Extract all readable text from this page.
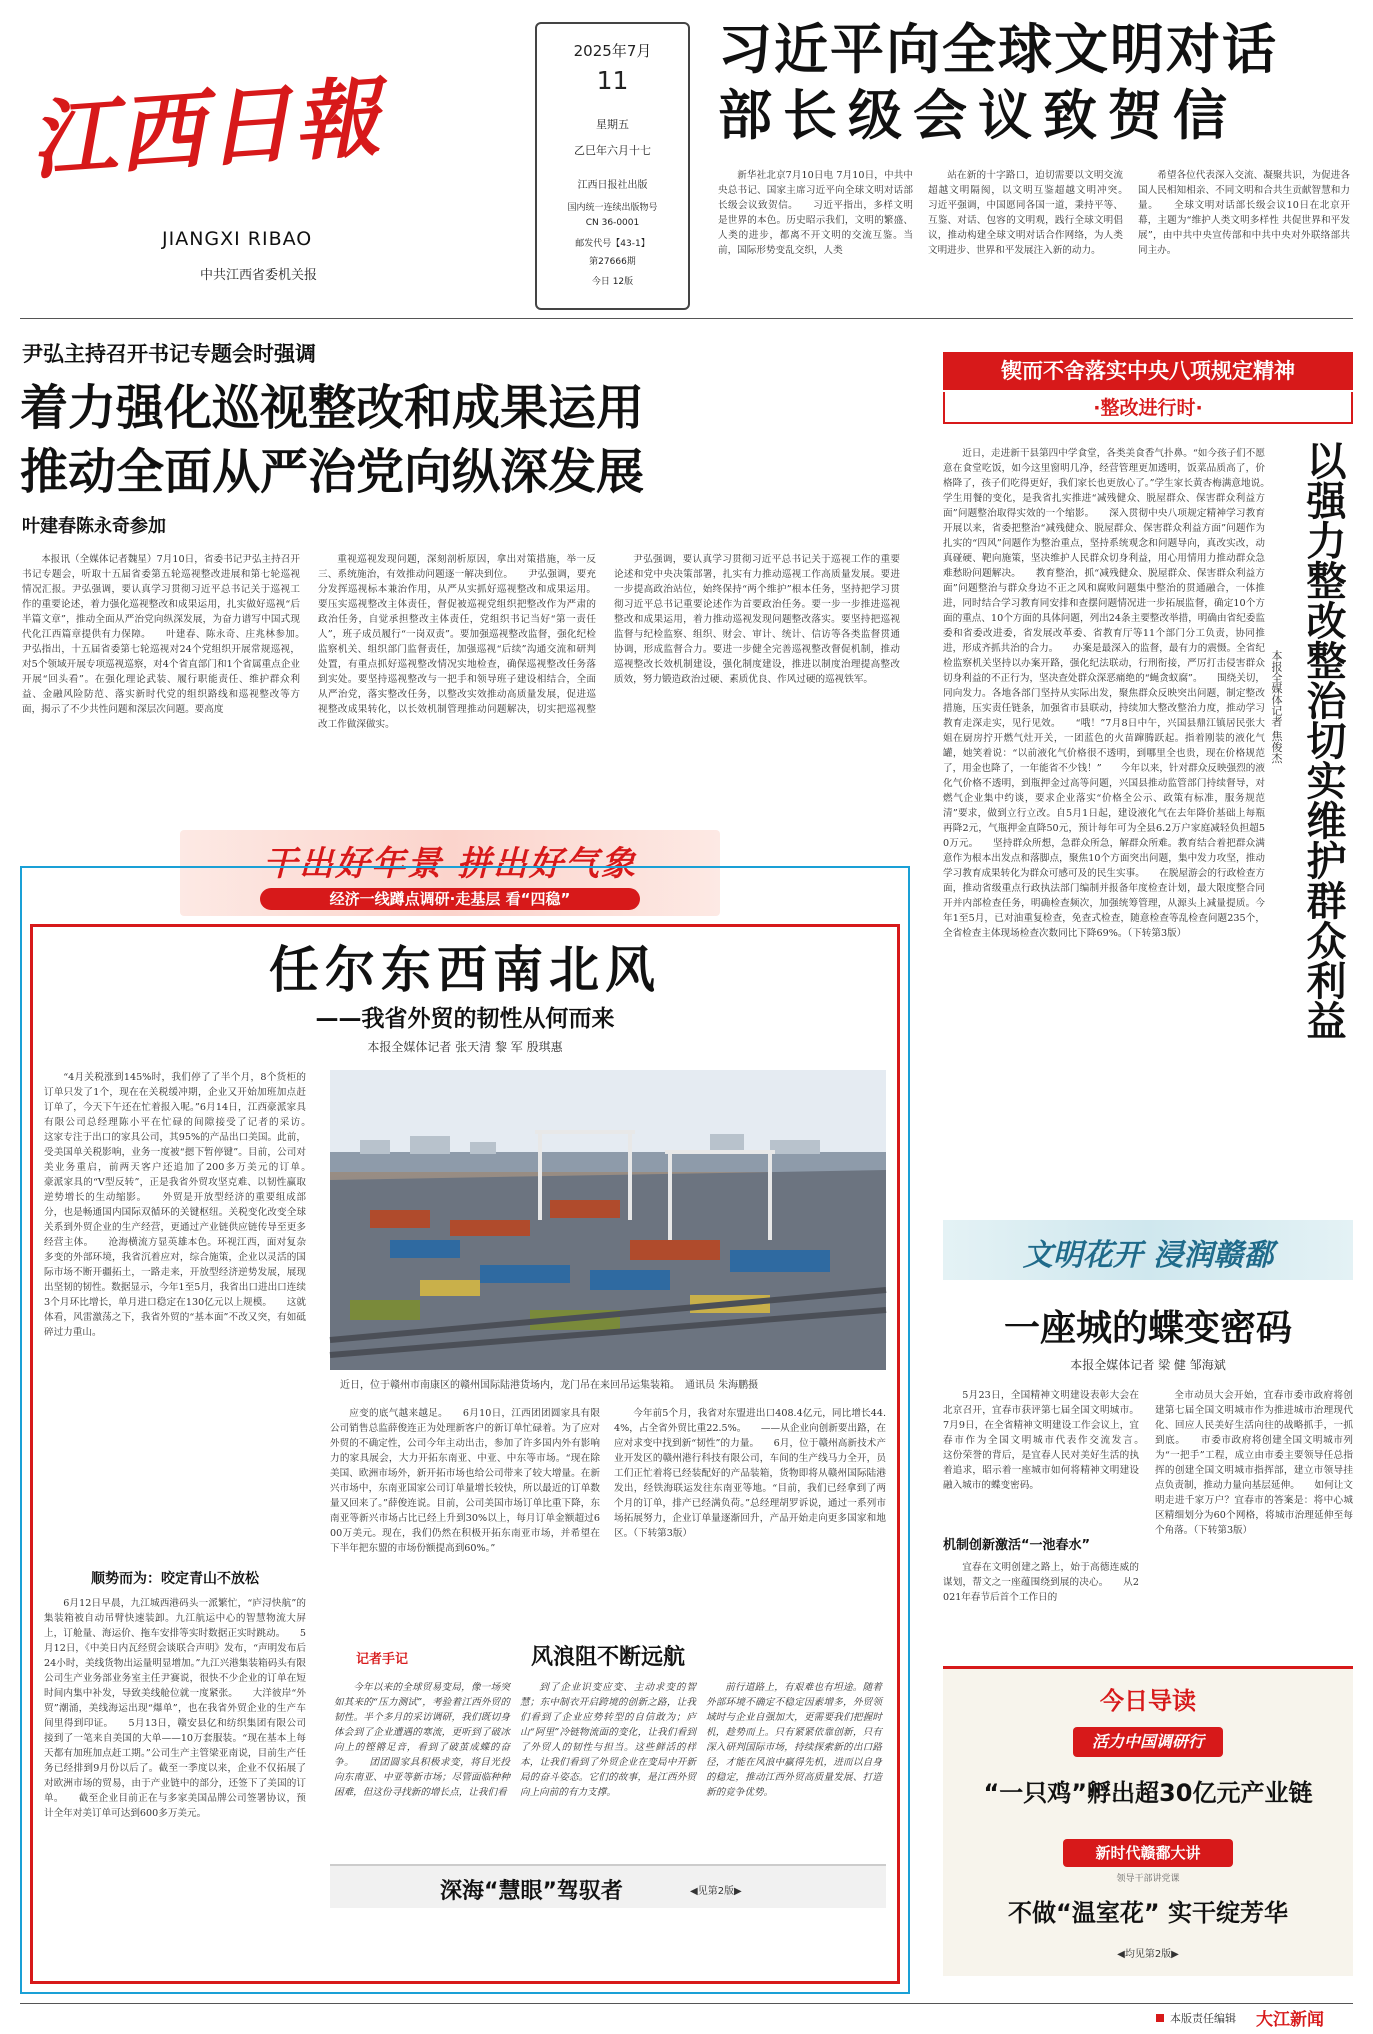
江西日報
JIANGXI RIBAO
中共江西省委机关报
2025年7月
11
星期五
乙巳年六月十七
江西日报社出版
国内统一连续出版物号
CN 36-0001
邮发代号【43-1】
第27666期
今日 12版
习近平向全球文明对话
部长级会议致贺信
新华社北京7月10日电 7月10日，中共中央总书记、国家主席习近平向全球文明对话部长级会议致贺信。　　习近平指出，多样文明是世界的本色。历史昭示我们，文明的繁盛、人类的进步，都离不开文明的交流互鉴。当前，国际形势变乱交织，人类
站在新的十字路口，迫切需要以文明交流超越文明隔阂，以文明互鉴超越文明冲突。　　习近平强调，中国愿同各国一道，秉持平等、互鉴、对话、包容的文明观，践行全球文明倡议，推动构建全球文明对话合作网络，为人类文明进步、世界和平发展注入新的动力。
希望各位代表深入交流、凝聚共识，为促进各国人民相知相亲、不同文明和合共生贡献智慧和力量。　　全球文明对话部长级会议10日在北京开幕，主题为“维护人类文明多样性 共促世界和平发展”，由中共中央宣传部和中共中央对外联络部共同主办。
尹弘主持召开书记专题会时强调
着力强化巡视整改和成果运用
推动全面从严治党向纵深发展
叶建春陈永奇参加
本报讯（全媒体记者魏星）7月10日，省委书记尹弘主持召开书记专题会，听取十五届省委第五轮巡视整改进展和第七轮巡视情况汇报。尹弘强调，要认真学习贯彻习近平总书记关于巡视工作的重要论述，着力强化巡视整改和成果运用，扎实做好巡视“后半篇文章”，推动全面从严治党向纵深发展，为奋力谱写中国式现代化江西篇章提供有力保障。　　叶建春、陈永奇、庄兆林参加。　　尹弘指出，十五届省委第七轮巡视对24个党组织开展常规巡视，对5个领域开展专项巡视巡察，对4个省直部门和1个省属重点企业开展“回头看”。在强化理论武装、履行职能责任、维护群众利益、金融风险防范、落实新时代党的组织路线和巡视整改等方面，揭示了不少共性问题和深层次问题。要高度
重视巡视发现问题，深刻剖析原因，拿出对策措施，举一反三、系统施治，有效推动问题逐一解决到位。　　尹弘强调，要充分发挥巡视标本兼治作用，从严从实抓好巡视整改和成果运用。要压实巡视整改主体责任，督促被巡视党组织把整改作为严肃的政治任务，自觉承担整改主体责任，党组织书记当好“第一责任人”，班子成员履行“一岗双责”。要加强巡视整改监督，强化纪检监察机关、组织部门监督责任，加强巡视“后续”沟通交流和研判处置，有重点抓好巡视整改情况实地检查，确保巡视整改任务落到实处。要坚持巡视整改与一把手和领导班子建设相结合，全面从严治党，落实整改任务，以整改实效推动高质量发展，促进巡视整改成果转化，以长效机制管理推动问题解决，切实把巡视整改工作做深做实。
尹弘强调，要认真学习贯彻习近平总书记关于巡视工作的重要论述和党中央决策部署，扎实有力推动巡视工作高质量发展。要进一步提高政治站位，始终保持“两个维护”根本任务，坚持把学习贯彻习近平总书记重要论述作为首要政治任务。要一步一步推进巡视整改和成果运用，着力推动巡视发现问题整改落实。要坚持把巡视监督与纪检监察、组织、财会、审计、统计、信访等各类监督贯通协调，形成监督合力。要进一步健全完善巡视整改督促机制，推动巡视整改长效机制建设，强化制度建设，推进以制度治理提高整改质效，努力锻造政治过硬、素质优良、作风过硬的巡视铁军。
干出好年景 拼出好气象
经济一线蹲点调研·走基层 看“四稳”
任尔东西南北风
——我省外贸的韧性从何而来
本报全媒体记者 张天清 黎 军 殷琪惠
“4月关税涨到145%时，我们停了了半个月，8个货柜的订单只发了1个，现在在关税缓冲期，企业又开始加班加点赶订单了，今天下午还在忙着报入呢。”6月14日，江西豪派家具有限公司总经理陈小平在忙碌的间隙接受了记者的采访。　　这家专注于出口的家具公司，其95%的产品出口美国。此前，受美国单关税影响，业务一度被“摁下暂停键”。目前，公司对美业务重启，前两天客户还追加了200多万美元的订单。　　豪派家具的“V型反转”，正是我省外贸攻坚克难、以韧性赢取逆势增长的生动缩影。　　外贸是开放型经济的重要组成部分，也是畅通国内国际双循环的关键枢纽。关税变化改变全球关系到外贸企业的生产经营，更通过产业链供应链传导至更多经营主体。　　沧海横流方显英雄本色。环视江西，面对复杂多变的外部环境，我省沉着应对，综合施策，企业以灵活的国际市场不断开疆拓土，一路走来，开放型经济逆势发展，展现出坚韧的韧性。数据显示，今年1至5月，我省出口进出口连续3个月环比增长，单月进口稳定在130亿元以上规模。　　这就体看，风雷激荡之下，我省外贸的“基本面”不改又突，有如砥碎过力重山。
顺势而为：咬定青山不放松
6月12日早晨，九江城西港码头一派繁忙，“庐浔快航”的集装箱被自动吊臂快速装卸。九江航运中心的智慧物流大屏上，订舱量、海运价、拖车安排等实时数据正实时跳动。　　5月12日，《中美日内瓦经贸会谈联合声明》发布，“声明发布后24小时，美线货物出运量明显增加。”九江兴港集装箱码头有限公司生产业务部业务室主任尹赛说，很快不少企业的订单在短时间内集中补发，导致美线舱位就一度紧张。　　大洋彼岸“外贸”潮涌，美线海运出现“爆单”，也在我省外贸企业的生产车间里得到印证。　　5月13日，赣安县亿和纺织集团有限公司接到了一笔来自美国的大单——10万套服装。“现在基本上每天都有加班加点赶工期。”公司生产主管梁亚南说，目前生产任务已经排到9月份以后了。截至一季度以来，企业不仅拓展了对欧洲市场的贸易，由于产业链中的部分，还签下了美国的订单。　　截至企业目前正在与多家美国品牌公司签署协议，预计全年对美订单可达到600多万美元。
近日，位于赣州市南康区的赣州国际陆港货场内，龙门吊在来回吊运集装箱。　通讯员 朱海鹏摄
应变的底气越来越足。　　6月10日，江西团团圆家具有限公司销售总监薛俊连正为处理新客户的新订单忙碌着。为了应对外贸的不确定性，公司今年主动出击，参加了许多国内外有影响力的家具展会，大力开拓东南亚、中亚、中东等市场。“现在除美国、欧洲市场外，新开拓市场也给公司带来了较大增量。在新兴市场中，东南亚国家公司订单量增长较快，所以最近的订单数量又回来了。”薛俊连说。目前，公司美国市场订单比重下降，东南亚等新兴市场占比已经上升到30%以上，每月订单金额超过600万美元。现在，我们仍然在积极开拓东南亚市场，并希望在下半年把东盟的市场份额提高到60%。”
今年前5个月，我省对东盟进出口408.4亿元，同比增长44.4%，占全省外贸比重22.5%。　　——从企业向创新要出路，在应对求变中找到新“韧性”的力量。　　6月，位于赣州高新技术产业开发区的赣州港行科技有限公司，车间的生产线马力全开，员工们正忙着将已经装配好的产品装箱，货物即将从赣州国际陆港发出，经铁海联运发往东南亚等地。“目前，我们已经拿到了两个月的订单，排产已经满负荷。”总经理胡罗诉说，通过一系列市场拓展努力，企业订单量逐渐回升，产品开始走向更多国家和地区。（下转第3版）
记者手记	风浪阻不断远航
今年以来的全球贸易变局，像一场突如其来的“压力测试”，考验着江西外贸的韧性。半个多月的采访调研，我们既切身体会到了企业遭遇的寒流，更听到了破冰向上的铿锵足音，看到了破茧成蝶的奋争。　　团团圆家具积极求变，将目光投向东南亚、中亚等新市场；尽管面临种种困难，但这份寻找新的增长点，让我们看
到了企业识变应变、主动求变的智慧；东中制衣开启跨境的创新之路，让我们看到了企业应势转型的自信敢为；庐山“阿里”冷链物流面的变化，让我们看到了外贸人的韧性与担当。这些鲜活的样本，让我们看到了外贸企业在变局中开新局的奋斗姿态。它们的故事，是江西外贸向上向前的有力支撑。
前行道路上，有艰难也有坦途。随着外部环境不确定不稳定因素增多，外贸领域时与企业自强加大，更需要我们把握时机，趁势而上。只有紧紧依靠创新，只有深入研判国际市场，持续探索新的出口路径，才能在风浪中赢得先机，进而以自身的稳定，推动江西外贸高质量发展、打造新的竞争优势。
深海“慧眼”驾驭者	◀见第2版▶
锲而不舍落实中央八项规定精神
·整改进行时·
近日，走进新干县第四中学食堂，各类美食香气扑鼻。“如今孩子们不愿意在食堂吃饭，如今这里窗明几净，经营管理更加透明，饭菜品质高了，价格降了，孩子们吃得更好，我们家长也更放心了。”学生家长黄杏梅满意地说。　　学生用餐的变化，是我省扎实推进“减残健众、脱屋群众、保害群众利益方面”问题整治取得实效的一个缩影。　　深入贯彻中央八项规定精神学习教育开展以来，省委把整治“减残健众、脱屋群众、保害群众利益方面”问题作为扎实的“四风”问题作为整治重点，坚持系统观念和问题导向，真改实改，动真碰硬、靶向施策，坚决维护人民群众切身利益，用心用情用力推动群众急难愁盼问题解决。　　教育整治，抓“减残健众、脱屋群众、保害群众利益方面”问题整治与群众身边不正之风和腐败问题集中整治的贯通融合，一体推进，同时结合学习教育同安排和查摆问题情况进一步拓展监督，确定10个方面的重点、10个方面的具体问题，列出24条主要整改举措，明确由省纪委监委和省委改进委，省发展改革委、省教育厅等11个部门分工负责，协同推进，形成齐抓共治的合力。　　办案是最深入的监督，最有力的震慑。全省纪检监察机关坚持以办案开路，强化纪法联动，行刑衔接，严厉打击侵害群众切身利益的不正行为，坚决查处群众深恶痛绝的“蝇贪蚁腐”。　　围绕关切，同向发力。各地各部门坚持从实际出发，聚焦群众反映突出问题，制定整改措施，压实责任链条，加强省市县联动，持续加大整改整治力度，推动学习教育走深走实，见行见效。　　“哦！”7月8日中午，兴国县鼎江镇居民张大姐在厨房拧开燃气灶开关，一团蓝色的火苗蹿腾跃起。指着刚装的液化气罐，她笑着说：“以前液化气价格很不透明，到哪里全也贵，现在价格规范了，用金也降了，一年能省不少钱！”　　今年以来，针对群众反映强烈的液化气价格不透明，到瓶押金过高等问题，兴国县推动监管部门持续督导，对燃气企业集中约谈，要求企业落实“价格全公示、政策有标准，服务规范清”要求，做到立行立改。自5月1日起，建设液化气在去年降价基础上每瓶再降2元，气瓶押金直降50元，预计每年可为全县6.2万户家庭减轻负担超50万元。　　坚持群众所想，急群众所急，解群众所难。教育结合着把群众满意作为根本出发点和落脚点，聚焦10个方面突出问题，集中发力攻坚，推动学习教育成果转化为群众可感可及的民生实事。　　在脱屋游会的行政检查方面，推动省级重点行政执法部门编制并报备年度检查计划，最大限度整合同开并内部检查任务，明确检查频次，加强统筹管理，从源头上减量提质。今年1至5月，已对油重复检查，免查式检查，随意检查等乱检查问题235个，全省检查主体现场检查次数同比下降69%。（下转第3版）	以强力整改整治切实维护群众利益
本报全媒体记者 焦俊杰
文明花开 浸润赣鄱
一座城的蝶变密码
本报全媒体记者 梁 健 邹海斌
5月23日，全国精神文明建设表彰大会在北京召开，宜春市获评第七届全国文明城市。7月9日，在全省精神文明建设工作会议上，宜春市作为全国文明城市代表作交流发言。　　这份荣誉的背后，是宜春人民对美好生活的执着追求，昭示着一座城市如何将精神文明建设融入城市的蝶变密码。
机制创新激活“一池春水”
宜春在文明创建之路上，始于高德连威的谋划，帮文之一座蕴围绕到展的决心。　　从2021年春节后首个工作日的
全市动员大会开始，宜春市委市政府将创建第七届全国文明城市作为推进城市治理现代化、回应人民美好生活向往的战略抓手，一抓到底。　　市委市政府将创建全国文明城市列为“一把手”工程，成立由市委主要领导任总指挥的创建全国文明城市指挥部，建立市领导挂点负责制，推动力量向基层延伸。　　如何让文明走进千家万户？宜春市的答案是：将中心城区精细划分为60个网格，将城市治理延伸至每个角落。（下转第3版）
今日导读
活力中国调研行
“一只鸡”孵出超30亿元产业链
新时代赣鄱大讲
领导干部讲党课
不做“温室花” 实干绽芳华
◀均见第2版▶
本版责任编辑 大江新闻
